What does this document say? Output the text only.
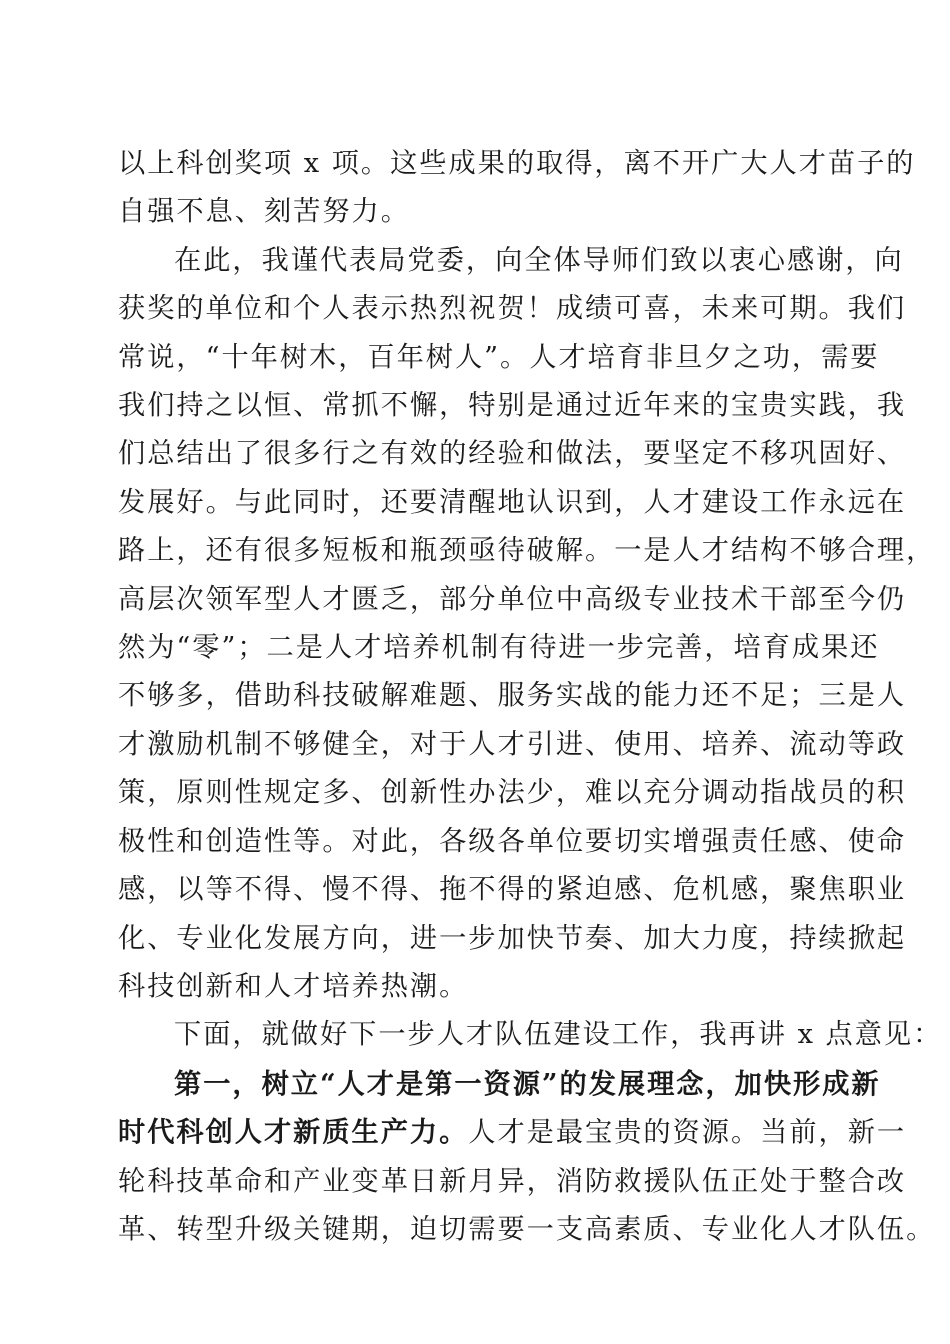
以上科创奖项 x 项。这些成果的取得，离不开广大人才苗子的
自强不息、刻苦努力。

在此，我谨代表局党委，向全体导师们致以衷心感谢，向
获奖的单位和个人表示热烈祝贺！成绩可喜，未来可期。我们
常说，“十年树木，百年树人”。人才培育非旦夕之功，需要
我们持之以恒、常抓不懈，特别是通过近年来的宝贵实践，我
们总结出了很多行之有效的经验和做法，要坚定不移巩固好、
发展好。与此同时，还要清醒地认识到，人才建设工作永远在
路上，还有很多短板和瓶颈亟待破解。一是人才结构不够合理，
高层次领军型人才匮乏，部分单位中高级专业技术干部至今仍
然为“零”；二是人才培养机制有待进一步完善，培育成果还
不够多，借助科技破解难题、服务实战的能力还不足；三是人
才激励机制不够健全，对于人才引进、使用、培养、流动等政
策，原则性规定多、创新性办法少，难以充分调动指战员的积
极性和创造性等。对此，各级各单位要切实增强责任感、使命
感，以等不得、慢不得、拖不得的紧迫感、危机感，聚焦职业
化、专业化发展方向，进一步加快节奏、加大力度，持续掀起
科技创新和人才培养热潮。

下面，就做好下一步人才队伍建设工作，我再讲 x 点意见：

第一，树立“人才是第一资源”的发展理念，加快形成新
时代科创人才新质生产力。人才是最宝贵的资源。当前，新一
轮科技革命和产业变革日新月异，消防救援队伍正处于整合改
革、转型升级关键期，迫切需要一支高素质、专业化人才队伍。
